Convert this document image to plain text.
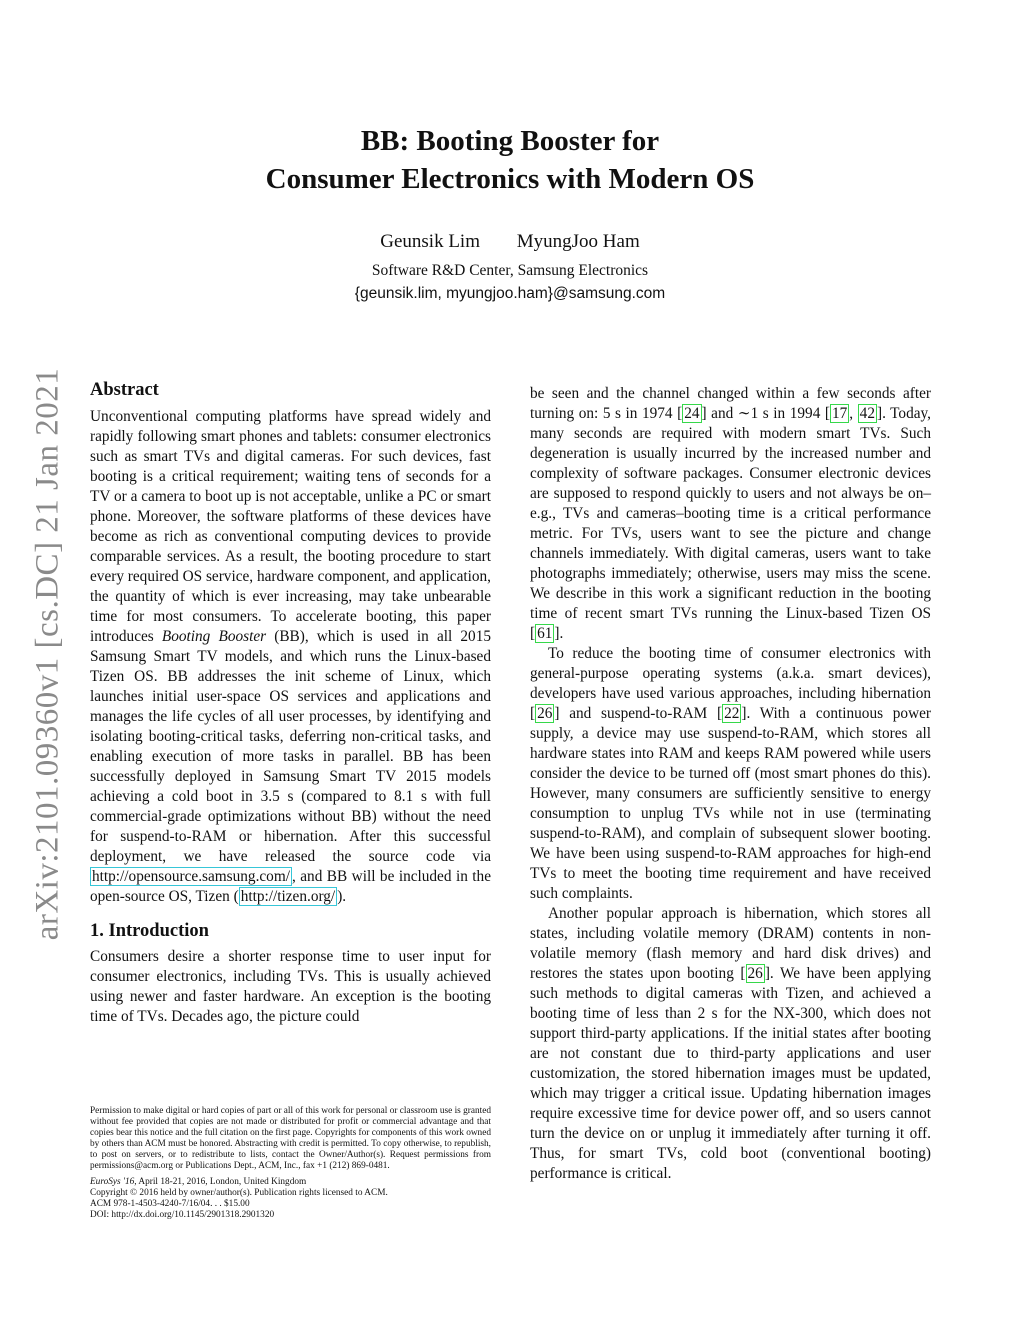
arXiv:2101.09360v1 [cs.DC] 21 Jan 2021
BB: Booting Booster for
Consumer Electronics with Modern OS
Geunsik Lim MyungJoo Ham
Software R&D Center, Samsung Electronics
{geunsik.lim, myungjoo.ham}@samsung.com
Abstract

Unconventional computing platforms have spread widely and rapidly following smart phones and tablets: consumer electronics such as smart TVs and digital cameras. For such devices, fast booting is a critical requirement; waiting tens of seconds for a TV or a camera to boot up is not acceptable, unlike a PC or smart phone. Moreover, the software platforms of these devices have become as rich as conventional computing devices to provide comparable services. As a result, the booting procedure to start every required OS service, hardware component, and application, the quantity of which is ever increasing, may take unbearable time for most consumers. To accelerate booting, this paper introduces Booting Booster (BB), which is used in all 2015 Samsung Smart TV models, and which runs the Linux-based Tizen OS. BB addresses the init scheme of Linux, which launches initial user-space OS services and applications and manages the life cycles of all user processes, by identifying and isolating booting-critical tasks, deferring non-critical tasks, and enabling execution of more tasks in parallel. BB has been successfully deployed in Samsung Smart TV 2015 models achieving a cold boot in 3.5 s (compared to 8.1 s with full commercial-grade optimizations without BB) without the need for suspend-to-RAM or hibernation. After this successful deployment, we have released the source code via http://opensource.samsung.com/ , and BB will be included in the open-source OS, Tizen ( http://tizen.org/ ).

1. Introduction

Consumers desire a shorter response time to user input for consumer electronics, including TVs. This is usually achieved using newer and faster hardware. An exception is the booting time of TVs. Decades ago, the picture could

Permission to make digital or hard copies of part or all of this work for personal or classroom use is granted without fee provided that copies are not made or distributed for profit or commercial advantage and that copies bear this notice and the full citation on the first page. Copyrights for components of this work owned by others than ACM must be honored. Abstracting with credit is permitted. To copy otherwise, to republish, to post on servers, or to redistribute to lists, contact the Owner/Author(s). Request permissions from permissions@acm.org or Publications Dept., ACM, Inc., fax +1 (212) 869-0481.

EuroSys '16, April 18-21, 2016, London, United Kingdom

Copyright © 2016 held by owner/author(s). Publication rights licensed to ACM.

ACM 978-1-4503-4240-7/16/04. . . $15.00

DOI: http://dx.doi.org/10.1145/2901318.2901320

be seen and the channel changed within a few seconds after turning on: 5 s in 1974 [ 24 ] and ∼1 s in 1994 [ 17 , 42 ]. Today, many seconds are required with modern smart TVs. Such degeneration is usually incurred by the increased number and complexity of software packages. Consumer electronic devices are supposed to respond quickly to users and not always be on–e.g., TVs and cameras–booting time is a critical performance metric. For TVs, users want to see the picture and change channels immediately. With digital cameras, users want to take photographs immediately; otherwise, users may miss the scene. We describe in this work a significant reduction in the booting time of recent smart TVs running the Linux-based Tizen OS [ 61 ].

To reduce the booting time of consumer electronics with general-purpose operating systems (a.k.a. smart devices), developers have used various approaches, including hibernation [ 26 ] and suspend-to-RAM [ 22 ]. With a continuous power supply, a device may use suspend-to-RAM, which stores all hardware states into RAM and keeps RAM powered while users consider the device to be turned off (most smart phones do this). However, many consumers are sufficiently sensitive to energy consumption to unplug TVs while not in use (terminating suspend-to-RAM), and complain of subsequent slower booting. We have been using suspend-to-RAM approaches for high-end TVs to meet the booting time requirement and have received such complaints.

Another popular approach is hibernation, which stores all states, including volatile memory (DRAM) contents in non-volatile memory (flash memory and hard disk drives) and restores the states upon booting [ 26 ]. We have been applying such methods to digital cameras with Tizen, and achieved a booting time of less than 2 s for the NX-300, which does not support third-party applications. If the initial states after booting are not constant due to third-party applications and user customization, the stored hibernation images must be updated, which may trigger a critical issue. Updating hibernation images require excessive time for device power off, and so users cannot turn the device on or unplug it immediately after turning it off. Thus, for smart TVs, cold boot (conventional booting) performance is critical.
